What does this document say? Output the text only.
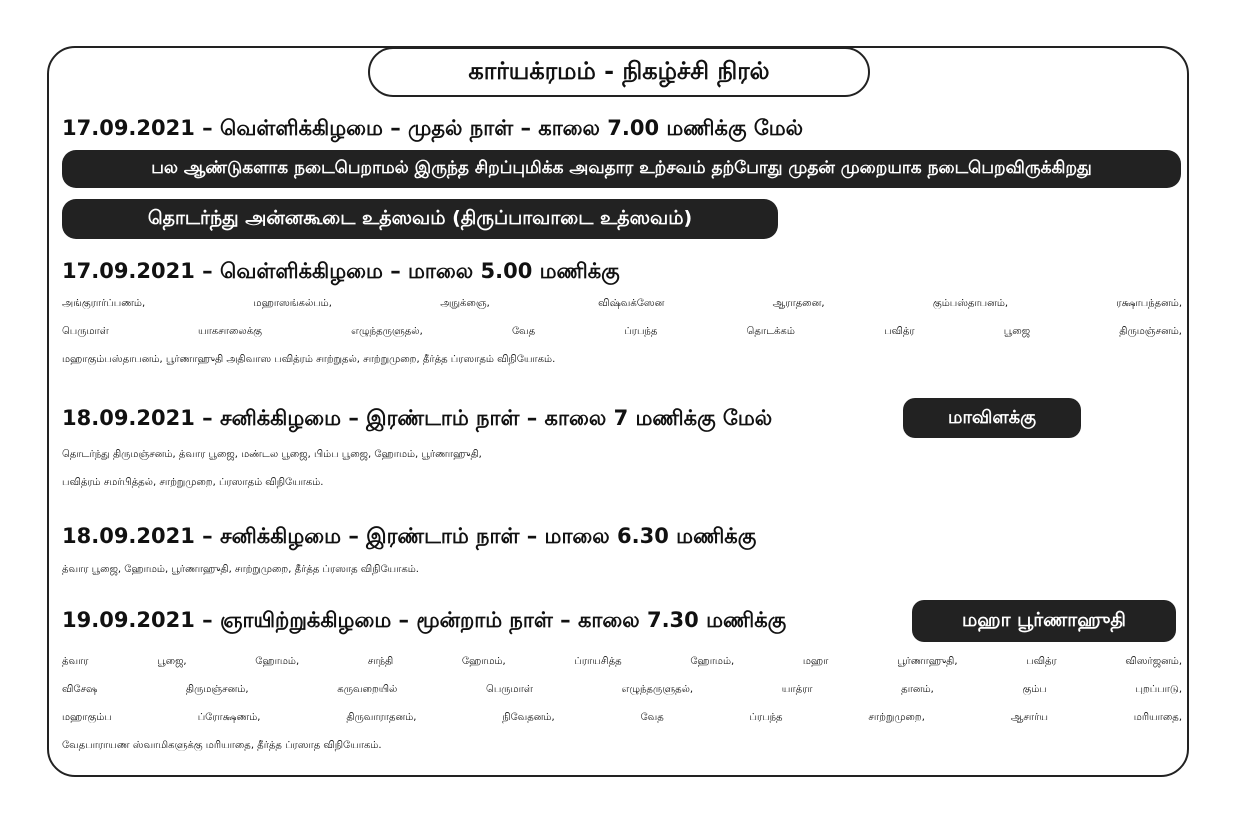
கார்யக்ரமம் - நிகழ்ச்சி நிரல்
17.09.2021 – வெள்ளிக்கிழமை – முதல் நாள் – காலை 7.00 மணிக்கு மேல்
பல ஆண்டுகளாக நடைபெறாமல் இருந்த சிறப்புமிக்க அவதார உற்சவம் தற்போது முதன் முறையாக நடைபெறவிருக்கிறது
தொடர்ந்து அன்னகூடை உத்ஸவம் (திருப்பாவாடை உத்ஸவம்)
17.09.2021 – வெள்ளிக்கிழமை – மாலை 5.00 மணிக்கு
அங்குரார்ப்பணம், மஹாஸங்கல்பம், அநுக்ஞை, விஷ்வக்ஸேன ஆராதனை, கும்பஸ்தாபனம், ரக்ஷாபந்தனம்,
பெருமாள் யாகசாலைக்கு எழுந்தருளுதல், வேத ப்ரபந்த தொடக்கம் பவித்ர பூஜை திருமஞ்சனம்,
மஹாகும்பஸ்தாபனம், பூர்ணாஹுதி அதிவாஸ பவித்ரம் சாற்றுதல், சாற்றுமுறை, தீர்த்த ப்ரஸாதம் விநியோகம்.
18.09.2021 – சனிக்கிழமை – இரண்டாம் நாள் – காலை 7 மணிக்கு மேல்	மாவிளக்கு
தொடர்ந்து திருமஞ்சனம், த்வார பூஜை, மண்டல பூஜை, பிம்ப பூஜை, ஹோமம், பூர்ணாஹுதி,
பவித்ரம் சமர்பித்தல், சாற்றுமுறை, ப்ரஸாதம் விநியோகம்.
18.09.2021 – சனிக்கிழமை – இரண்டாம் நாள் – மாலை 6.30 மணிக்கு
த்வார பூஜை, ஹோமம், பூர்ணாஹுதி, சாற்றுமுறை, தீர்த்த ப்ரஸாத விநியோகம்.
19.09.2021 – ஞாயிற்றுக்கிழமை – மூன்றாம் நாள் – காலை 7.30 மணிக்கு	மஹா பூர்ணாஹுதி
த்வார பூஜை, ஹோமம், சாந்தி ஹோமம், ப்ராயசித்த ஹோமம், மஹா பூர்ணாஹுதி, பவித்ர விஸர்ஜனம்,
விசேஷ திருமஞ்சனம், கருவறையில் பெருமாள் எழுந்தருளுதல், யாத்ரா தானம், கும்ப புறப்பாடு,
மஹாகும்ப ப்ரோக்ஷணம், திருவாராதனம், நிவேதனம், வேத ப்ரபந்த சாற்றுமுறை, ஆசார்ய மரியாதை,
வேதபாராயண ஸ்வாமிகளுக்கு மரியாதை, தீர்த்த ப்ரஸாத விநியோகம்.
